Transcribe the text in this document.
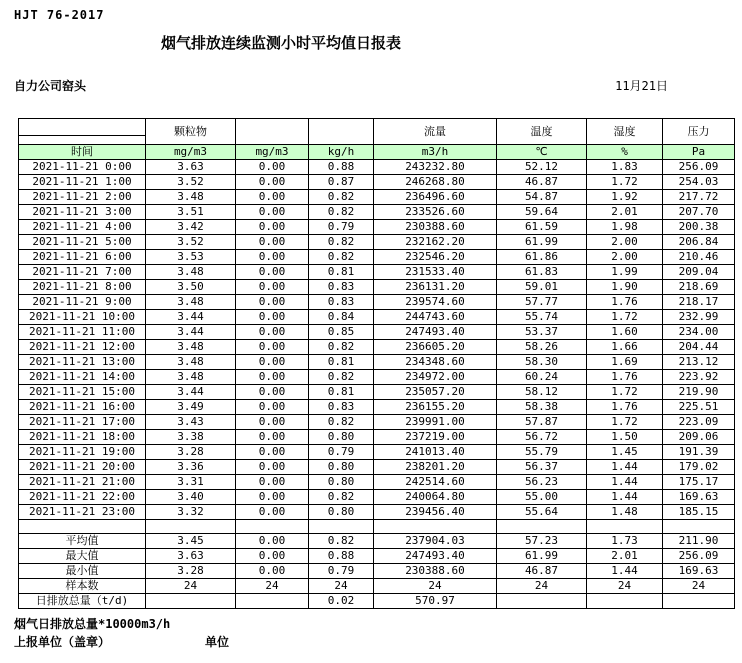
HJT 76-2017
烟气排放连续监测小时平均值日报表
自力公司窑头	11月21日
	颗粒物			流量	温度	湿度	压力

时间	mg/m3	mg/m3	kg/h	m3/h	℃	%	Pa
2021-11-21 0:00	3.63	0.00	0.88	243232.80	52.12	1.83	256.09
2021-11-21 1:00	3.52	0.00	0.87	246268.80	46.87	1.72	254.03
2021-11-21 2:00	3.48	0.00	0.82	236496.60	54.87	1.92	217.72
2021-11-21 3:00	3.51	0.00	0.82	233526.60	59.64	2.01	207.70
2021-11-21 4:00	3.42	0.00	0.79	230388.60	61.59	1.98	200.38
2021-11-21 5:00	3.52	0.00	0.82	232162.20	61.99	2.00	206.84
2021-11-21 6:00	3.53	0.00	0.82	232546.20	61.86	2.00	210.46
2021-11-21 7:00	3.48	0.00	0.81	231533.40	61.83	1.99	209.04
2021-11-21 8:00	3.50	0.00	0.83	236131.20	59.01	1.90	218.69
2021-11-21 9:00	3.48	0.00	0.83	239574.60	57.77	1.76	218.17
2021-11-21 10:00	3.44	0.00	0.84	244743.60	55.74	1.72	232.99
2021-11-21 11:00	3.44	0.00	0.85	247493.40	53.37	1.60	234.00
2021-11-21 12:00	3.48	0.00	0.82	236605.20	58.26	1.66	204.44
2021-11-21 13:00	3.48	0.00	0.81	234348.60	58.30	1.69	213.12
2021-11-21 14:00	3.48	0.00	0.82	234972.00	60.24	1.76	223.92
2021-11-21 15:00	3.44	0.00	0.81	235057.20	58.12	1.72	219.90
2021-11-21 16:00	3.49	0.00	0.83	236155.20	58.38	1.76	225.51
2021-11-21 17:00	3.43	0.00	0.82	239991.00	57.87	1.72	223.09
2021-11-21 18:00	3.38	0.00	0.80	237219.00	56.72	1.50	209.06
2021-11-21 19:00	3.28	0.00	0.79	241013.40	55.79	1.45	191.39
2021-11-21 20:00	3.36	0.00	0.80	238201.20	56.37	1.44	179.02
2021-11-21 21:00	3.31	0.00	0.80	242514.60	56.23	1.44	175.17
2021-11-21 22:00	3.40	0.00	0.82	240064.80	55.00	1.44	169.63
2021-11-21 23:00	3.32	0.00	0.80	239456.40	55.64	1.48	185.15

平均值	3.45	0.00	0.82	237904.03	57.23	1.73	211.90
最大值	3.63	0.00	0.88	247493.40	61.99	2.01	256.09
最小值	3.28	0.00	0.79	230388.60	46.87	1.44	169.63
样本数	24	24	24	24	24	24	24
日排放总量（t/d)			0.02	570.97			
烟气日排放总量*10000m3/h
上报单位（盖章）	单位
